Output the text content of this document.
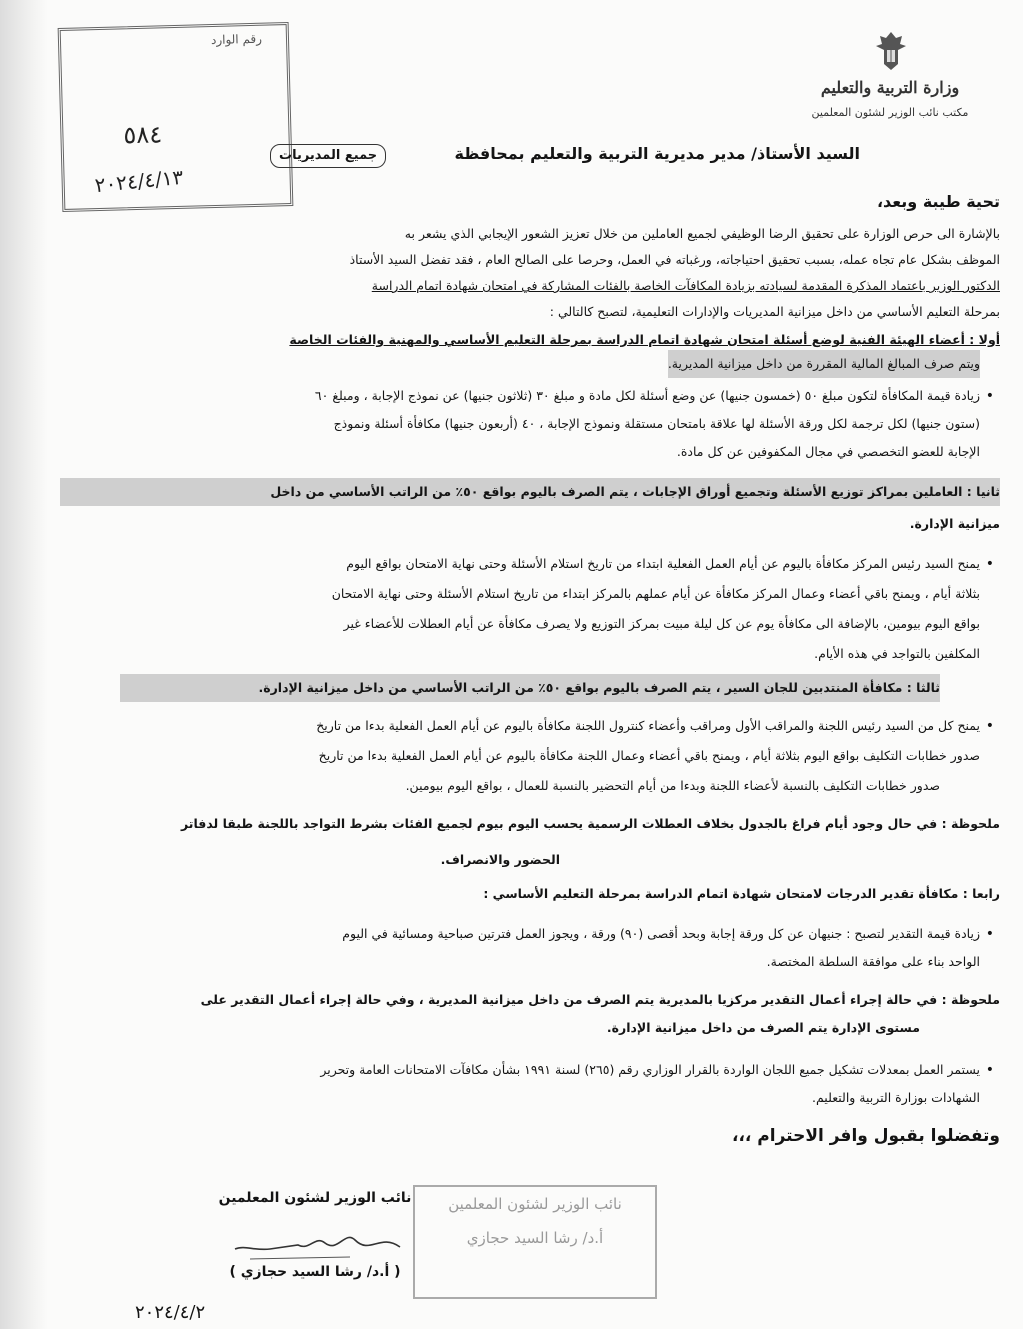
وزارة التربية والتعليم
مكتب نائب الوزير لشئون المعلمين
رقم الوارد
٥٨٤
٢٠٢٤/٤/١٣
السيد الأستاذ/ مدير مديرية التربية والتعليم بمحافظة
جميع المديريات
تحية طيبة وبعد،
بالإشارة الى حرص الوزارة على تحقيق الرضا الوظيفي لجميع العاملين من خلال تعزيز الشعور الإيجابي الذي يشعر به
الموظف بشكل عام تجاه عمله، بسبب تحقيق احتياجاته، ورغباته في العمل، وحرصا على الصالح العام ، فقد تفضل السيد الأستاذ
الدكتور الوزير باعتماد المذكرة المقدمة لسيادته بزيادة المكافآت الخاصة بالفئات المشاركة في امتحان شهادة اتمام الدراسة
بمرحلة التعليم الأساسي من داخل ميزانية المديريات والإدارات التعليمية، لتصبح كالتالي :
أولا : أعضاء الهيئة الفنية لوضع أسئلة امتحان شهادة اتمام الدراسة بمرحلة التعليم الأساسي والمهنية والفئات الخاصة
ويتم صرف المبالغ المالية المقررة من داخل ميزانية المديرية.
•
زيادة قيمة المكافأة لتكون مبلغ ٥٠ (خمسون جنيها) عن وضع أسئلة لكل مادة و مبلغ ٣٠ (ثلاثون جنيها) عن نموذج الإجابة ، ومبلغ ٦٠
(ستون جنيها) لكل ترجمة لكل ورقة الأسئلة لها علاقة بامتحان مستقلة ونموذج الإجابة ، ٤٠ (أربعون جنيها) مكافأة أسئلة ونموذج
الإجابة للعضو التخصصي في مجال المكفوفين عن كل مادة.
ثانيا : العاملين بمراكز توزيع الأسئلة وتجميع أوراق الإجابات ، يتم الصرف باليوم بواقع ٥٠٪ من الراتب الأساسي من داخل
ميزانية الإدارة.
•
يمنح السيد رئيس المركز مكافأة باليوم عن أيام العمل الفعلية ابتداء من تاريخ استلام الأسئلة وحتى نهاية الامتحان بواقع اليوم
بثلاثة أيام ، ويمنح باقي أعضاء وعمال المركز مكافأة عن أيام عملهم بالمركز ابتداء من تاريخ استلام الأسئلة وحتى نهاية الامتحان
بواقع اليوم بيومين، بالإضافة الى مكافأة يوم عن كل ليلة مبيت بمركز التوزيع ولا يصرف مكافأة عن أيام العطلات للأعضاء غير
المكلفين بالتواجد في هذه الأيام.
ثالثا : مكافأة المنتدبين للجان السير ، يتم الصرف باليوم بواقع ٥٠٪ من الراتب الأساسي من داخل ميزانية الإدارة.
•
يمنح كل من السيد رئيس اللجنة والمراقب الأول ومراقب وأعضاء كنترول اللجنة مكافأة باليوم عن أيام العمل الفعلية بدءا من تاريخ
صدور خطابات التكليف بواقع اليوم بثلاثة أيام ، ويمنح باقي أعضاء وعمال اللجنة مكافأة باليوم عن أيام العمل الفعلية بدءا من تاريخ
صدور خطابات التكليف بالنسبة لأعضاء اللجنة وبدءا من أيام التحضير بالنسبة للعمال ، بواقع اليوم بيومين.
ملحوظة : في حال وجود أيام فراغ بالجدول بخلاف العطلات الرسمية يحسب اليوم بيوم لجميع الفئات بشرط التواجد باللجنة طبقا لدفاتر
الحضور والانصراف.
رابعا : مكافأة تقدير الدرجات لامتحان شهادة اتمام الدراسة بمرحلة التعليم الأساسي :
•
زيادة قيمة التقدير لتصبح : جنيهان عن كل ورقة إجابة وبحد أقصى (٩٠) ورقة ، ويجوز العمل فترتين صباحية ومسائية في اليوم
الواحد بناء على موافقة السلطة المختصة.
ملحوظة : في حالة إجراء أعمال التقدير مركزيا بالمديرية يتم الصرف من داخل ميزانية المديرية ، وفي حالة إجراء أعمال التقدير على
مستوى الإدارة يتم الصرف من داخل ميزانية الإدارة.
•
يستمر العمل بمعدلات تشكيل جميع اللجان الواردة بالقرار الوزاري رقم (٢٦٥) لسنة ١٩٩١ بشأن مكافآت الامتحانات العامة وتحرير
الشهادات بوزارة التربية والتعليم.
وتفضلوا بقبول وافر الاحترام ،،،
نائب الوزير لشئون المعلمين
( أ.د/ رشا السيد حجازي )
٢٠٢٤/٤/٢
نائب الوزير لشئون المعلمين
أ.د/ رشا السيد حجازي
